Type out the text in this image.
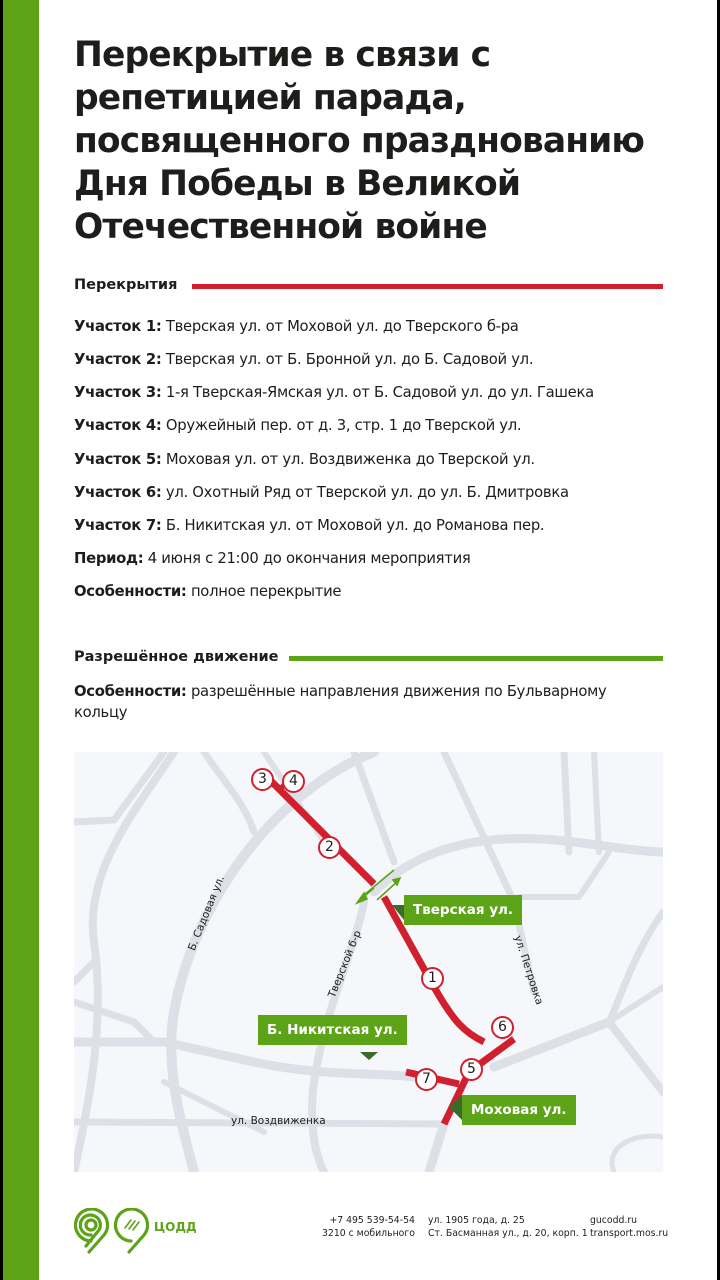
Перекрытие в связи с репетицией парада, посвященного празднованию Дня Победы в Великой Отечественной войне
Перекрытия
Участок 1: Тверская ул. от Моховой ул. до Тверского б-ра
Участок 2: Тверская ул. от Б. Бронной ул. до Б. Садовой ул.
Участок 3: 1-я Тверская-Ямская ул. от Б. Садовой ул. до ул. Гашека
Участок 4: Оружейный пер. от д. 3, стр. 1 до Тверской ул.
Участок 5: Моховая ул. от ул. Воздвиженка до Тверской ул.
Участок 6: ул. Охотный Ряд от Тверской ул. до ул. Б. Дмитровка
Участок 7: Б. Никитская ул. от Моховой ул. до Романова пер.
Период: 4 июня с 21:00 до окончания мероприятия
Особенности: полное перекрытие
Разрешённое движение
Особенности: разрешённые направления движения по Бульварному
кольцу
Тверская ул.
Б. Никитская ул.
Моховая ул.
Б. Садовая ул.
Тверской б-р	ул. Петровка
ул. Воздвиженка
3	4
2
1
6
5
7
ЦОДД	+7 495 539-54-54
3210 с мобильного
ул. 1905 года, д. 25
Ст. Басманная ул., д. 20, корп. 1
gucodd.ru
transport.mos.ru
